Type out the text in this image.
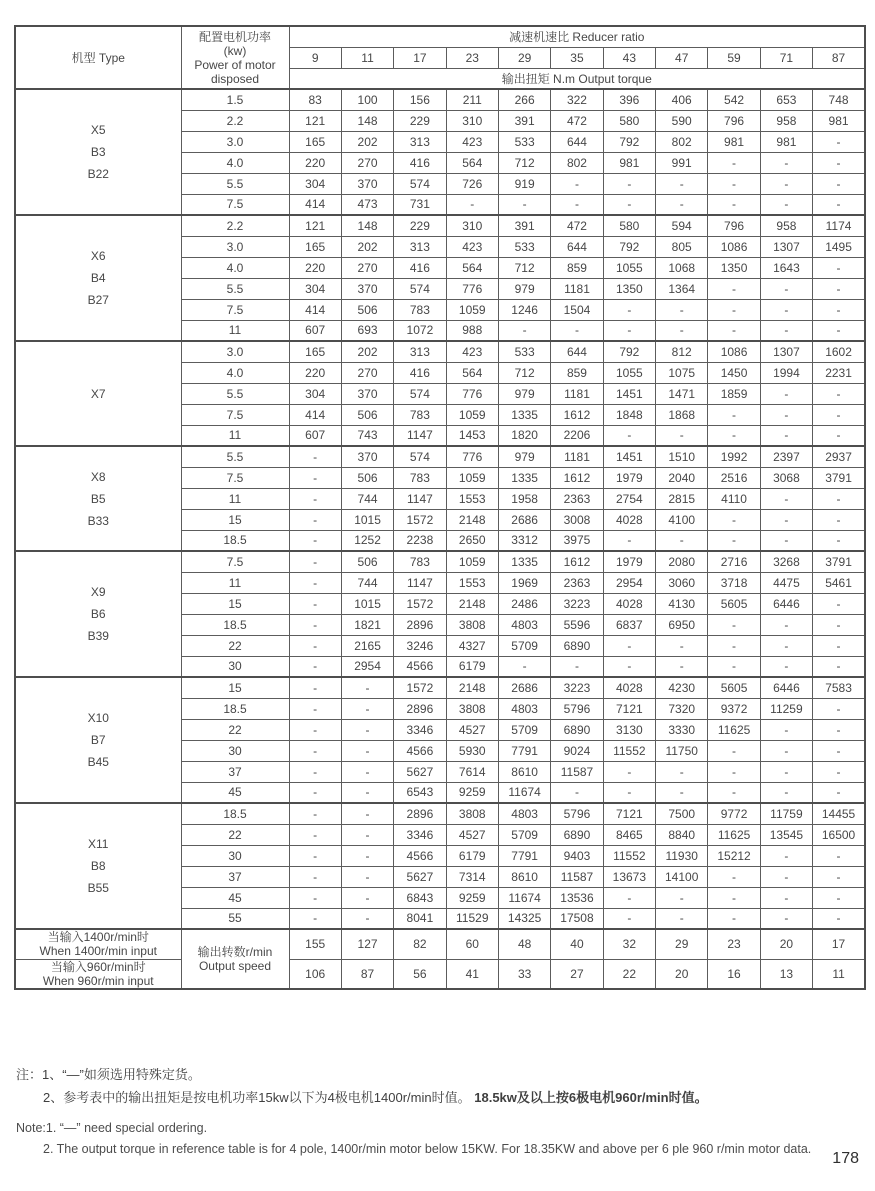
机型 Type	配置电机功率
(kw)
Power of motor
disposed	减速机速比 Reducer ratio										
		9	11	17	23	29	35	43	47	59	71	87
		输出扭矩 N.m Output torque										

X5
B3
B22	1.5	83	100	156	211	266	322	396	406	542	653	748
	2.2	121	148	229	310	391	472	580	590	796	958	981
	3.0	165	202	313	423	533	644	792	802	981	981	-
	4.0	220	270	416	564	712	802	981	991	-	-	-
	5.5	304	370	574	726	919	-	-	-	-	-	-
	7.5	414	473	731	-	-	-	-	-	-	-	-

X6
B4
B27	2.2	121	148	229	310	391	472	580	594	796	958	1174
	3.0	165	202	313	423	533	644	792	805	1086	1307	1495
	4.0	220	270	416	564	712	859	1055	1068	1350	1643	-
	5.5	304	370	574	776	979	1181	1350	1364	-	-	-
	7.5	414	506	783	1059	1246	1504	-	-	-	-	-
	11	607	693	1072	988	-	-	-	-	-	-	-

X7	3.0	165	202	313	423	533	644	792	812	1086	1307	1602
	4.0	220	270	416	564	712	859	1055	1075	1450	1994	2231
	5.5	304	370	574	776	979	1181	1451	1471	1859	-	-
	7.5	414	506	783	1059	1335	1612	1848	1868	-	-	-
	11	607	743	1147	1453	1820	2206	-	-	-	-	-

X8
B5
B33	5.5	-	370	574	776	979	1181	1451	1510	1992	2397	2937
	7.5	-	506	783	1059	1335	1612	1979	2040	2516	3068	3791
	11	-	744	1147	1553	1958	2363	2754	2815	4110	-	-
	15	-	1015	1572	2148	2686	3008	4028	4100	-	-	-
	18.5	-	1252	2238	2650	3312	3975	-	-	-	-	-

X9
B6
B39	7.5	-	506	783	1059	1335	1612	1979	2080	2716	3268	3791
	11	-	744	1147	1553	1969	2363	2954	3060	3718	4475	5461
	15	-	1015	1572	2148	2486	3223	4028	4130	5605	6446	-
	18.5	-	1821	2896	3808	4803	5596	6837	6950	-	-	-
	22	-	2165	3246	4327	5709	6890	-	-	-	-	-
	30	-	2954	4566	6179	-	-	-	-	-	-	-

X10
B7
B45	15	-	-	1572	2148	2686	3223	4028	4230	5605	6446	7583
	18.5	-	-	2896	3808	4803	5796	7121	7320	9372	11259	-
	22	-	-	3346	4527	5709	6890	3130	3330	11625	-	-
	30	-	-	4566	5930	7791	9024	11552	11750	-	-	-
	37	-	-	5627	7614	8610	11587	-	-	-	-	-
	45	-	-	6543	9259	11674	-	-	-	-	-	-

X11
B8
B55	18.5	-	-	2896	3808	4803	5796	7121	7500	9772	11759	14455
	22	-	-	3346	4527	5709	6890	8465	8840	11625	13545	16500
	30	-	-	4566	6179	7791	9403	11552	11930	15212	-	-
	37	-	-	5627	7314	8610	11587	13673	14100	-	-	-
	45	-	-	6843	9259	11674	13536	-	-	-	-	-
	55	-	-	8041	11529	14325	17508	-	-	-	-	-

当输入1400r/min时
When 1400r/min input	输出转数r/min
Output speed
	155	127	82	60	48	40	32	29	23	20	17

当输入960r/min时
When 960r/min input		106	87	56	41	33	27	22	20	16	13	11
注：1、“—”如须选用特殊定货。
2、参考表中的输出扭矩是按电机功率15kw以下为4极电机1400r/min时值。 18.5kw及以上按6极电机960r/min时值。
Note:1. “—” need special ordering.
2. The output torque in reference table is for 4 pole, 1400r/min motor below 15KW. For 18.35KW and above per 6 ple 960 r/min motor data.
178
